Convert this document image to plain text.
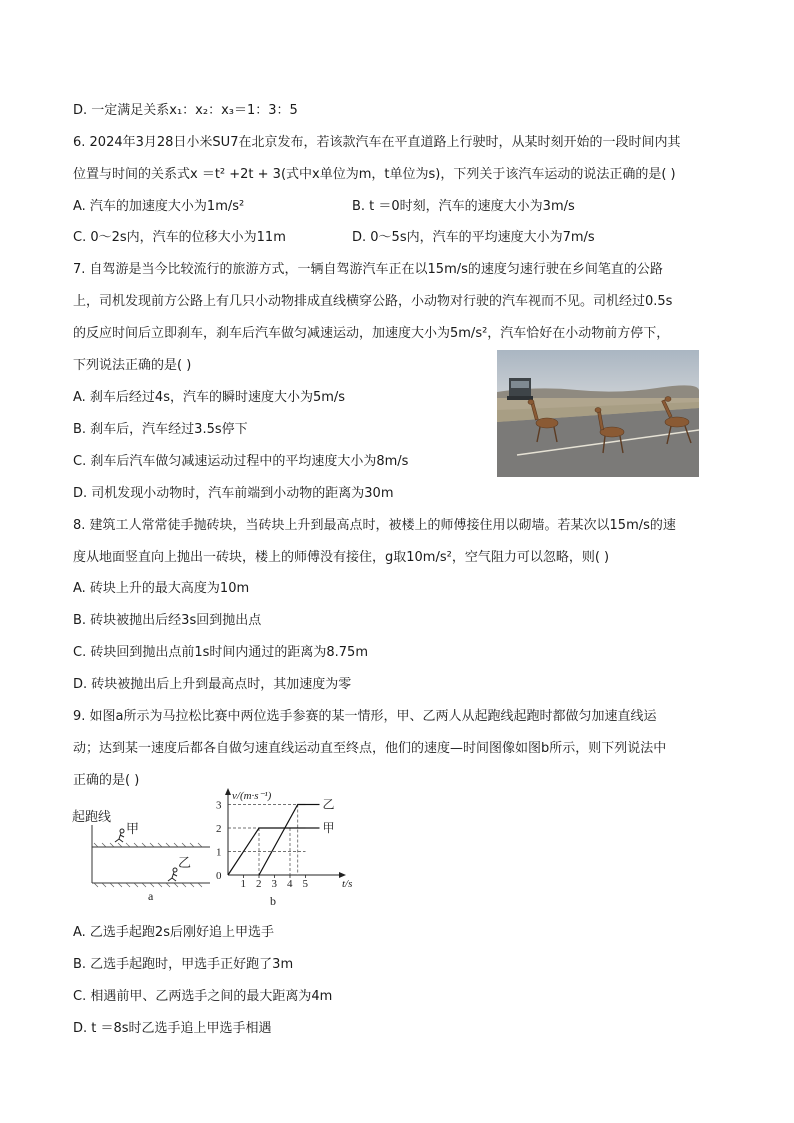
D. 一定满足关系x₁：x₂：x₃＝1：3：5
6. 2024年3月28日小米SU7在北京发布，若该款汽车在平直道路上行驶时，从某时刻开始的一段时间内其
位置与时间的关系式x ＝t² +2t + 3(式中x单位为m，t单位为s)，下列关于该汽车运动的说法正确的是( )
A. 汽车的加速度大小为1m/s²
C. 0～2s内，汽车的位移大小为11m
7. 自驾游是当今比较流行的旅游方式，一辆自驾游汽车正在以15m/s的速度匀速行驶在乡间笔直的公路
上，司机发现前方公路上有几只小动物排成直线横穿公路，小动物对行驶的汽车视而不见。司机经过0.5s
的反应时间后立即刹车，刹车后汽车做匀减速运动，加速度大小为5m/s²，汽车恰好在小动物前方停下，
下列说法正确的是( )
A. 刹车后经过4s，汽车的瞬时速度大小为5m/s
B. 刹车后，汽车经过3.5s停下
C. 刹车后汽车做匀减速运动过程中的平均速度大小为8m/s
D. 司机发现小动物时，汽车前端到小动物的距离为30m
8. 建筑工人常常徒手抛砖块，当砖块上升到最高点时，被楼上的师傅接住用以砌墙。若某次以15m/s的速
度从地面竖直向上抛出一砖块，楼上的师傅没有接住，g取10m/s²，空气阻力可以忽略，则( )
A. 砖块上升的最大高度为10m
B. 砖块被抛出后经3s回到抛出点
C. 砖块回到抛出点前1s时间内通过的距离为8.75m
D. 砖块被抛出后上升到最高点时，其加速度为零
9. 如图a所示为马拉松比赛中两位选手参赛的某一情形，甲、乙两人从起跑线起跑时都做匀加速直线运
动；达到某一速度后都各自做匀速直线运动直至终点，他们的速度—时间图像如图b所示，则下列说法中
正确的是( )
A. 乙选手起跑2s后刚好追上甲选手
B. 乙选手起跑时，甲选手正好跑了3m
C. 相遇前甲、乙两选手之间的最大距离为4m
D. t ＝8s时乙选手追上甲选手相遇
B. t ＝0时刻，汽车的速度大小为3m/s
D. 0～5s内，汽车的平均速度大小为7m/s
起跑线
甲
乙
a
v/(m·s⁻¹)
t/s
0
1
2
3
1 2 3 4 5
甲
乙
b
